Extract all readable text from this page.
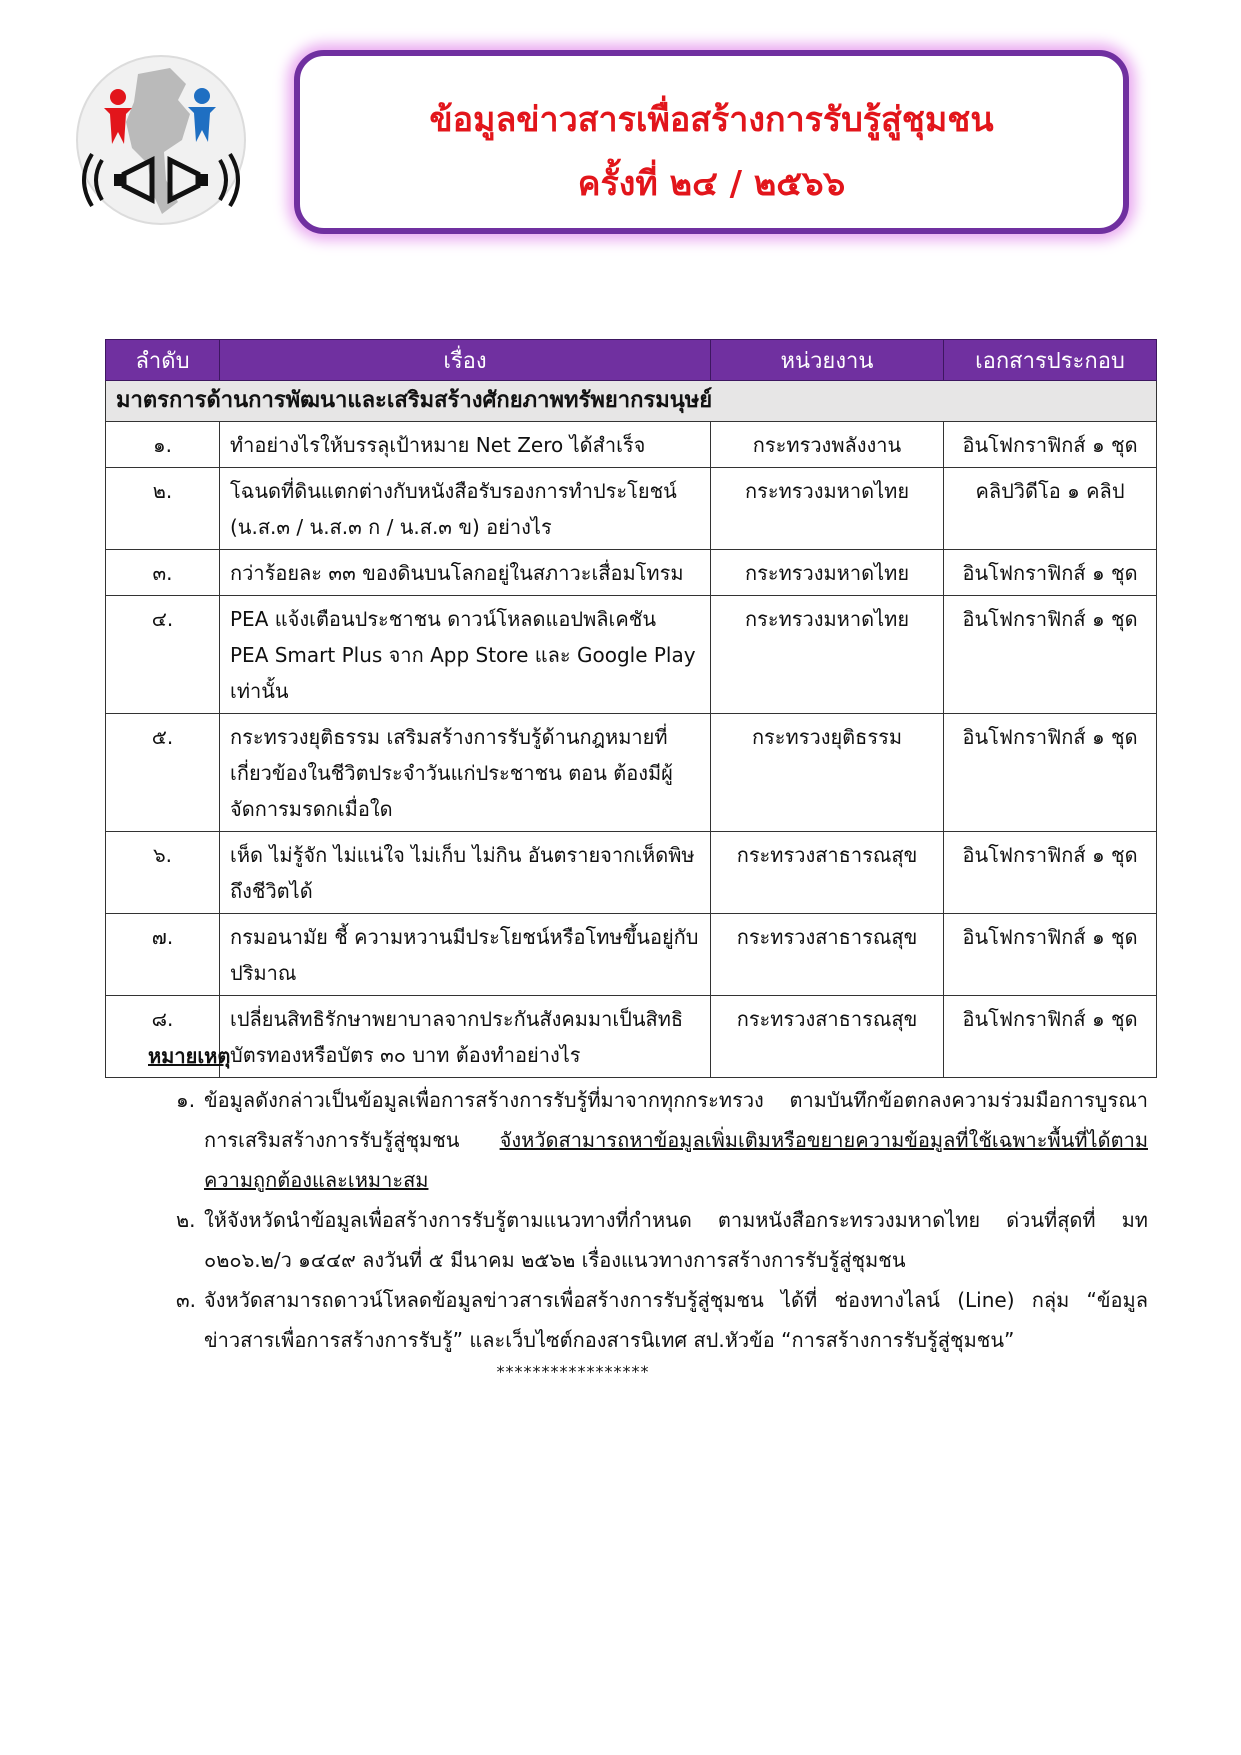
ข้อมูลข่าวสารเพื่อสร้างการรับรู้สู่ชุมชน
ครั้งที่ ๒๔ / ๒๕๖๖
ลำดับ	เรื่อง	หน่วยงาน	เอกสารประกอบ
มาตรการด้านการพัฒนาและเสริมสร้างศักยภาพทรัพยากรมนุษย์			
๑.	ทำอย่างไรให้บรรลุเป้าหมาย Net Zero ได้สำเร็จ	กระทรวงพลังงาน	อินโฟกราฟิกส์ ๑ ชุด
๒.	โฉนดที่ดินแตกต่างกับหนังสือรับรองการทำประโยชน์ (น.ส.๓ / น.ส.๓ ก / น.ส.๓ ข) อย่างไร	กระทรวงมหาดไทย	คลิปวิดีโอ ๑ คลิป
๓.	กว่าร้อยละ ๓๓ ของดินบนโลกอยู่ในสภาวะเสื่อมโทรม	กระทรวงมหาดไทย	อินโฟกราฟิกส์ ๑ ชุด
๔.	PEA แจ้งเตือนประชาชน ดาวน์โหลดแอปพลิเคชัน PEA Smart Plus จาก App Store และ Google Play เท่านั้น	กระทรวงมหาดไทย	อินโฟกราฟิกส์ ๑ ชุด
๕.	กระทรวงยุติธรรม เสริมสร้างการรับรู้ด้านกฎหมายที่เกี่ยวข้องในชีวิตประจำวันแก่ประชาชน ตอน ต้องมีผู้จัดการมรดกเมื่อใด	กระทรวงยุติธรรม	อินโฟกราฟิกส์ ๑ ชุด
๖.	เห็ด ไม่รู้จัก ไม่แน่ใจ ไม่เก็บ ไม่กิน อันตรายจากเห็ดพิษถึงชีวิตได้	กระทรวงสาธารณสุข	อินโฟกราฟิกส์ ๑ ชุด
๗.	กรมอนามัย ชี้ ความหวานมีประโยชน์หรือโทษขึ้นอยู่กับปริมาณ	กระทรวงสาธารณสุข	อินโฟกราฟิกส์ ๑ ชุด
๘.	เปลี่ยนสิทธิรักษาพยาบาลจากประกันสังคมมาเป็นสิทธิบัตรทองหรือบัตร ๓๐ บาท ต้องทำอย่างไร	กระทรวงสาธารณสุข	อินโฟกราฟิกส์ ๑ ชุด
หมายเหตุ
๑. ข้อมูลดังกล่าวเป็นข้อมูลเพื่อการสร้างการรับรู้ที่มาจากทุกกระทรวง ตามบันทึกข้อตกลงความร่วมมือการบูรณาการเสริมสร้างการรับรู้สู่ชุมชน จังหวัดสามารถหาข้อมูลเพิ่มเติมหรือขยายความข้อมูลที่ใช้เฉพาะพื้นที่ได้ตามความถูกต้องและเหมาะสม
๒. ให้จังหวัดนำข้อมูลเพื่อสร้างการรับรู้ตามแนวทางที่กำหนด ตามหนังสือกระทรวงมหาดไทย ด่วนที่สุดที่ มท ๐๒๐๖.๒/ว ๑๔๔๙ ลงวันที่ ๕ มีนาคม ๒๕๖๒ เรื่องแนวทางการสร้างการรับรู้สู่ชุมชน
๓. จังหวัดสามารถดาวน์โหลดข้อมูลข่าวสารเพื่อสร้างการรับรู้สู่ชุมชน ได้ที่ ช่องทางไลน์ (Line) กลุ่ม “ข้อมูลข่าวสารเพื่อการสร้างการรับรู้” และเว็บไซต์กองสารนิเทศ สป.หัวข้อ “การสร้างการรับรู้สู่ชุมชน”
*****************
